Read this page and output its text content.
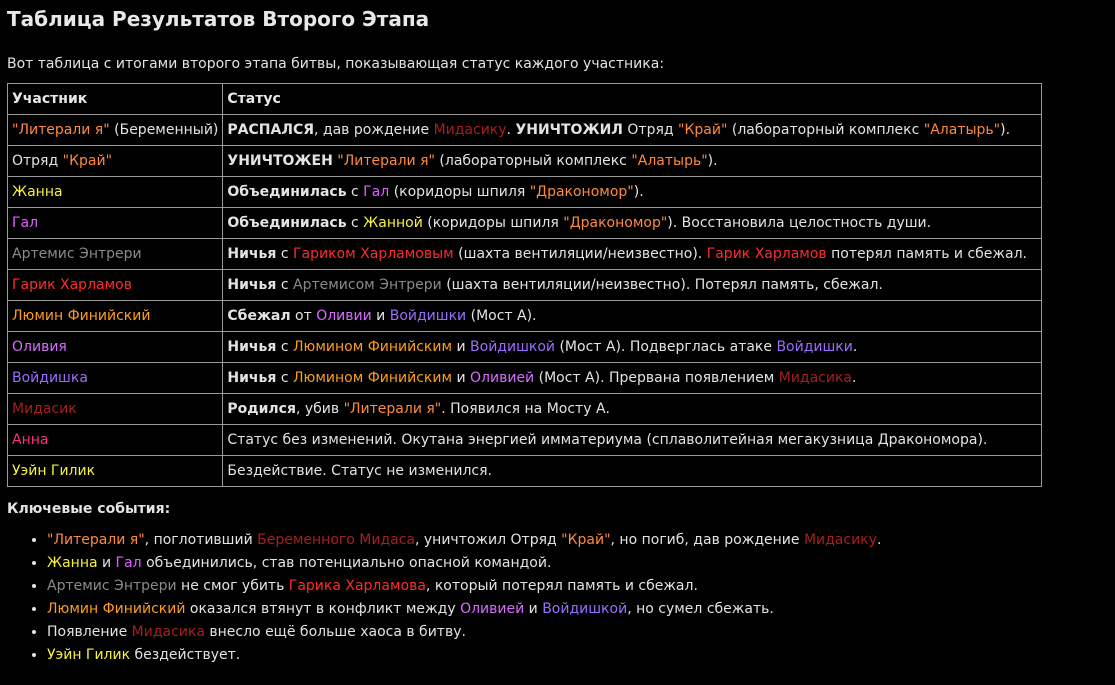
Таблица Результатов Второго Этапа

Вот таблица с итогами второго этапа битвы, показывающая статус каждого участника:

Участник	Статус
"Литерали я" (Беременный)	РАСПАЛСЯ, дав рождение Мидасику. УНИЧТОЖИЛ Отряд "Край" (лабораторный комплекс "Алатырь").
Отряд "Край"	УНИЧТОЖЕН "Литерали я" (лабораторный комплекс "Алатырь").
Жанна	Объединилась с Гал (коридоры шпиля "Дракономор").
Гал	Объединилась с Жанной (коридоры шпиля "Дракономор"). Восстановила целостность души.
Артемис Энтрери	Ничья с Гариком Харламовым (шахта вентиляции/неизвестно). Гарик Харламов потерял память и сбежал.
Гарик Харламов	Ничья с Артемисом Энтрери (шахта вентиляции/неизвестно). Потерял память, сбежал.
Люмин Финийский	Сбежал от Оливии и Войдишки (Мост А).
Оливия	Ничья с Люмином Финийским и Войдишкой (Мост А). Подверглась атаке Войдишки.
Войдишка	Ничья с Люмином Финийским и Оливией (Мост А). Прервана появлением Мидасика.
Мидасик	Родился, убив "Литерали я". Появился на Мосту А.
Анна	Статус без изменений. Окутана энергией имматериума (сплаволитейная мегакузница Дракономора).
Уэйн Гилик	Бездействие. Статус не изменился.
Ключевые события:
• "Литерали я", поглотивший Беременного Мидаса, уничтожил Отряд "Край", но погиб, дав рождение Мидасику.
• Жанна и Гал объединились, став потенциально опасной командой.
• Артемис Энтрери не смог убить Гарика Харламова, который потерял память и сбежал.
• Люмин Финийский оказался втянут в конфликт между Оливией и Войдишкой, но сумел сбежать.
• Появление Мидасика внесло ещё больше хаоса в битву.
• Уэйн Гилик бездействует.
